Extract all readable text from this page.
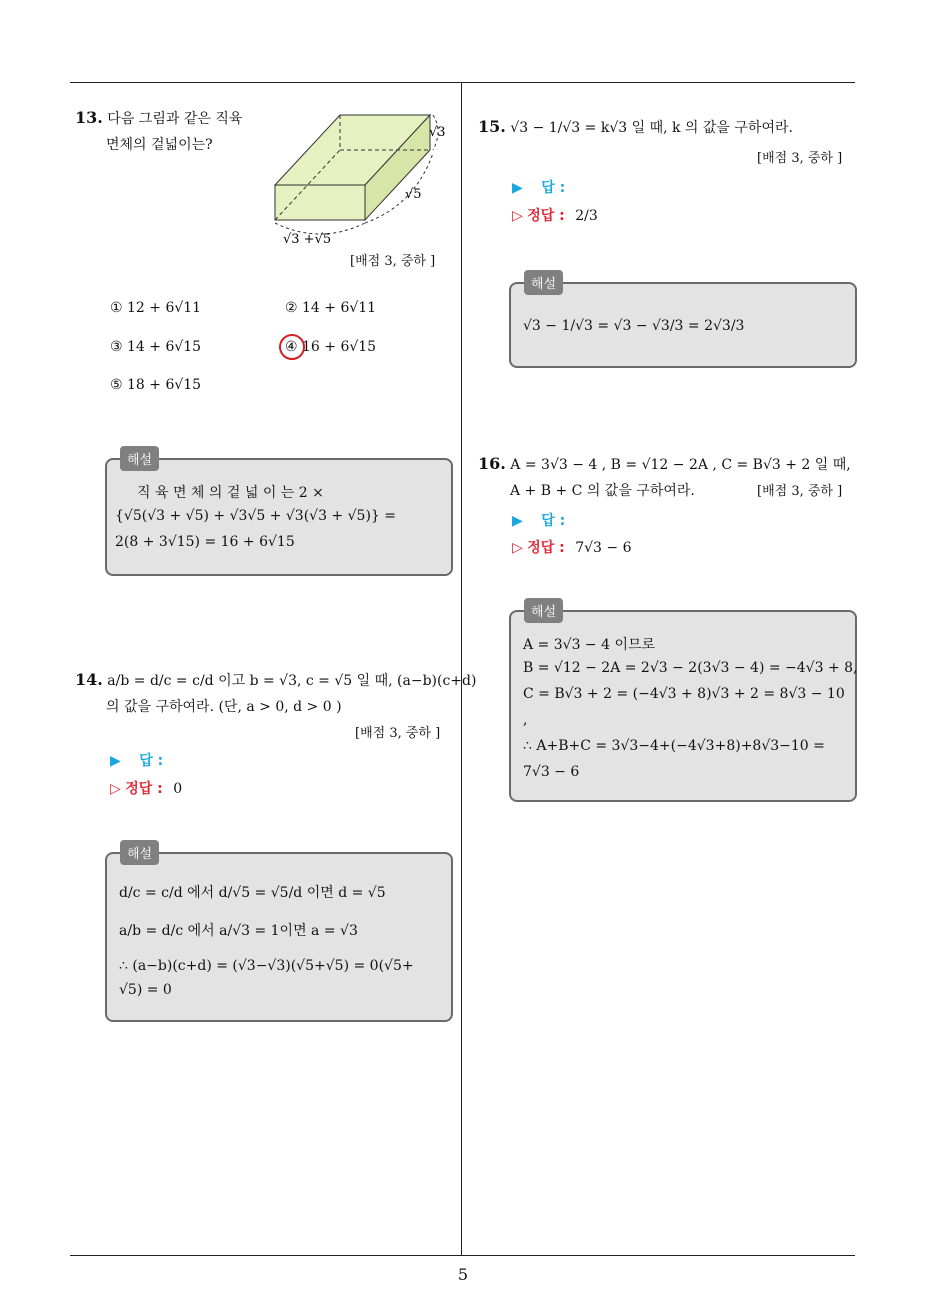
13. 다음 그림과 같은 직육
면체의 겉넓이는?
√3
√5
√3 +√5
[배점 3, 중하 ]
① 12 + 6√11	② 14 + 6√11
③ 14 + 6√15	④ 16 + 6√15
⑤ 18 + 6√15
직 육 면 체 의 겉 넓 이 는 2 ×
{√5(√3 + √5) + √3√5 + √3(√3 + √5)} =
2(8 + 3√15) = 16 + 6√15
해설
14. a/b = d/c = c/d 이고 b = √3, c = √5 일 때, (a−b)(c+d)
의 값을 구하여라. (단, a > 0, d > 0 )
[배점 3, 중하 ]
▶ 답 :
▷ 정답 : 0
d/c = c/d 에서 d/√5 = √5/d 이면 d = √5
a/b = d/c 에서 a/√3 = 1이면 a = √3
∴ (a−b)(c+d) = (√3−√3)(√5+√5) = 0(√5+
√5) = 0
해설
15. √3 − 1/√3 = k√3 일 때, k 의 값을 구하여라.
[배점 3, 중하 ]
▶ 답 :
▷ 정답 : 2/3
√3 − 1/√3 = √3 − √3/3 = 2√3/3
해설
16. A = 3√3 − 4 , B = √12 − 2A , C = B√3 + 2 일 때,
A + B + C 의 값을 구하여라.	[배점 3, 중하 ]
▶ 답 :
▷ 정답 : 7√3 − 6
A = 3√3 − 4 이므로
B = √12 − 2A = 2√3 − 2(3√3 − 4) = −4√3 + 8,
C = B√3 + 2 = (−4√3 + 8)√3 + 2 = 8√3 − 10
,
∴ A+B+C = 3√3−4+(−4√3+8)+8√3−10 =
7√3 − 6
해설
5
